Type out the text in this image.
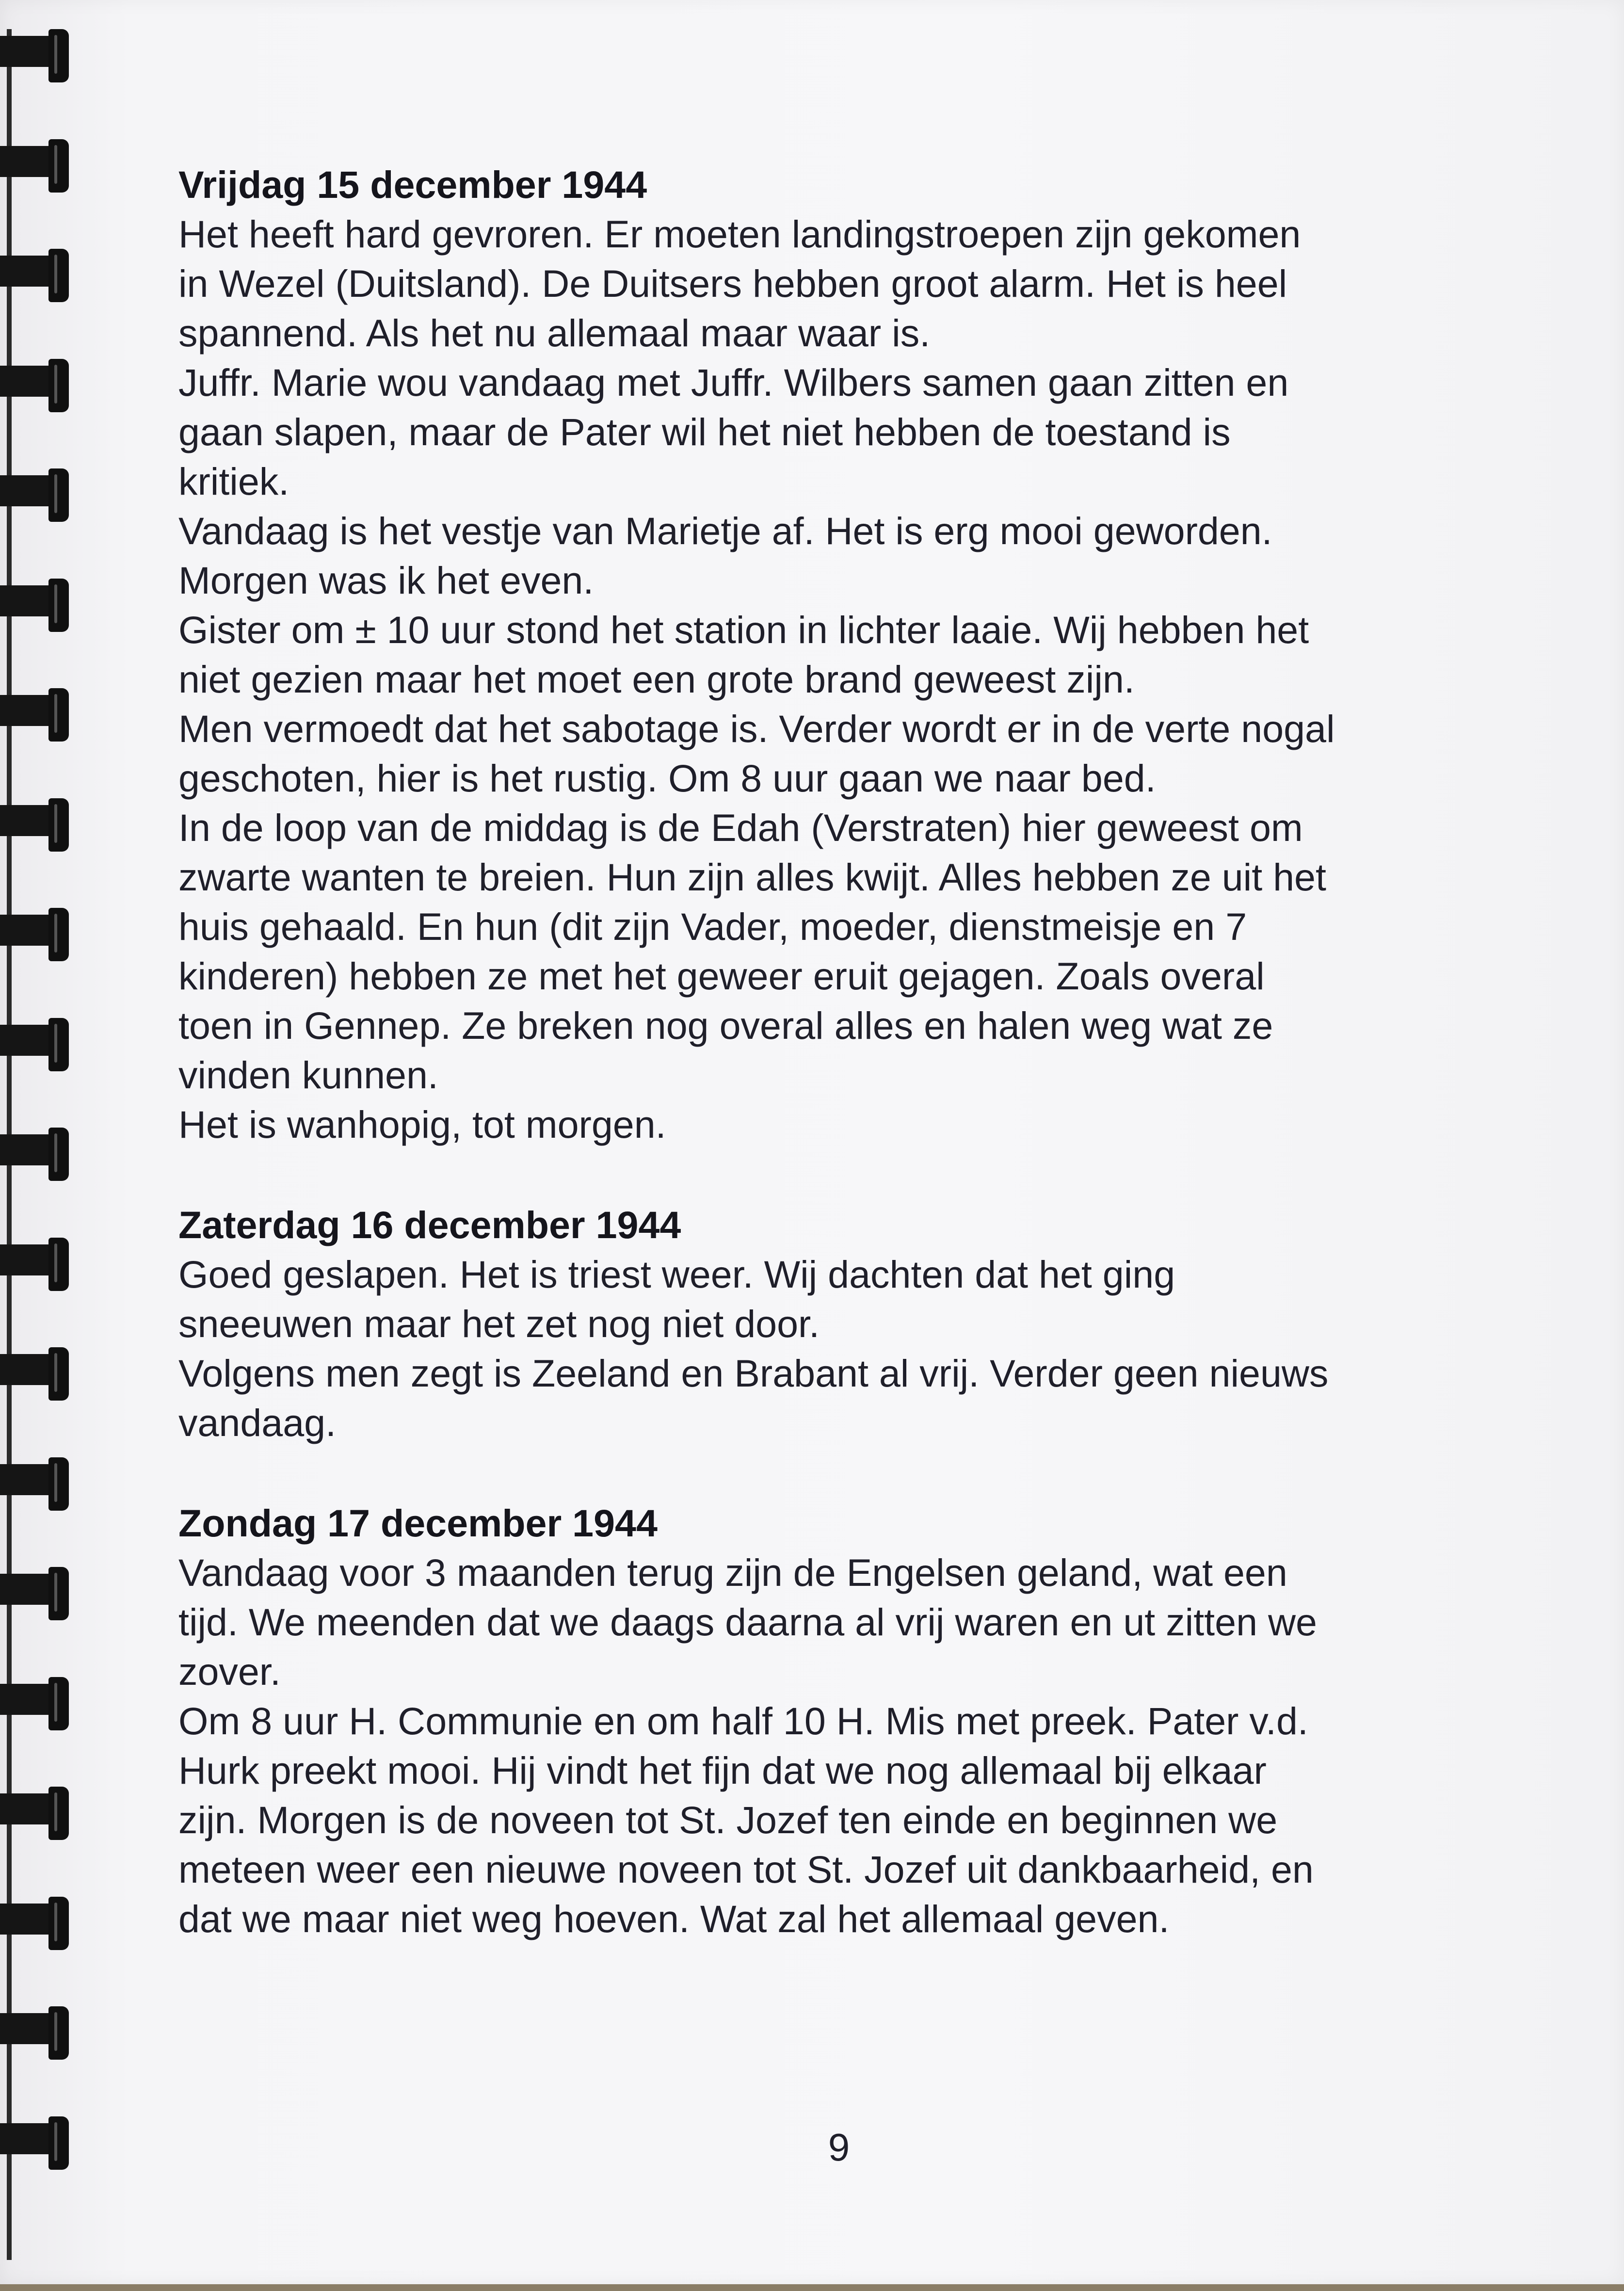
Vrijdag 15 december 1944

Het heeft hard gevroren. Er moeten landingstroepen zijn gekomen

in Wezel (Duitsland). De Duitsers hebben groot alarm. Het is heel

spannend. Als het nu allemaal maar waar is.

Juffr. Marie wou vandaag met Juffr. Wilbers samen gaan zitten en

gaan slapen, maar de Pater wil het niet hebben de toestand is

kritiek.

Vandaag is het vestje van Marietje af. Het is erg mooi geworden.

Morgen was ik het even.

Gister om ± 10 uur stond het station in lichter laaie. Wij hebben het

niet gezien maar het moet een grote brand geweest zijn.

Men vermoedt dat het sabotage is. Verder wordt er in de verte nogal

geschoten, hier is het rustig. Om 8 uur gaan we naar bed.

In de loop van de middag is de Edah (Verstraten) hier geweest om

zwarte wanten te breien. Hun zijn alles kwijt. Alles hebben ze uit het

huis gehaald. En hun (dit zijn Vader, moeder, dienstmeisje en 7

kinderen) hebben ze met het geweer eruit gejagen. Zoals overal

toen in Gennep. Ze breken nog overal alles en halen weg wat ze

vinden kunnen.

Het is wanhopig, tot morgen.

Zaterdag 16 december 1944

Goed geslapen. Het is triest weer. Wij dachten dat het ging

sneeuwen maar het zet nog niet door.

Volgens men zegt is Zeeland en Brabant al vrij. Verder geen nieuws

vandaag.

Zondag 17 december 1944

Vandaag voor 3 maanden terug zijn de Engelsen geland, wat een

tijd. We meenden dat we daags daarna al vrij waren en ut zitten we

zover.

Om 8 uur H. Communie en om half 10 H. Mis met preek. Pater v.d.

Hurk preekt mooi. Hij vindt het fijn dat we nog allemaal bij elkaar

zijn. Morgen is de noveen tot St. Jozef ten einde en beginnen we

meteen weer een nieuwe noveen tot St. Jozef uit dankbaarheid, en

dat we maar niet weg hoeven. Wat zal het allemaal geven.

9
